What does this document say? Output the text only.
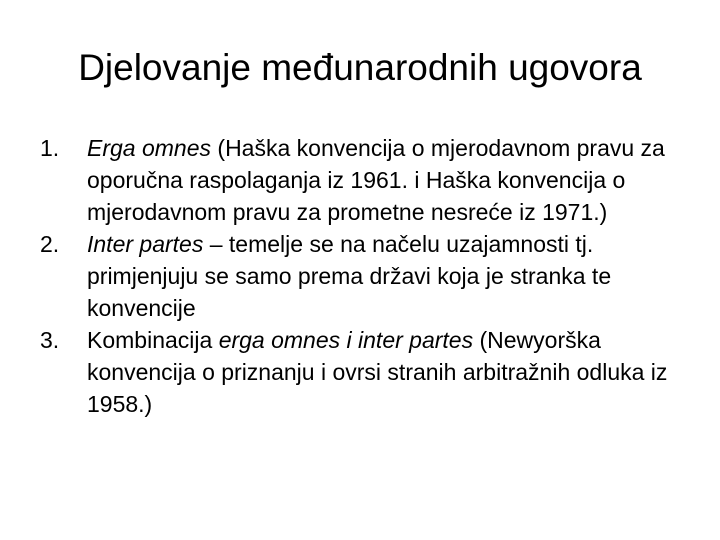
Djelovanje međunarodnih ugovora
1.	Erga omnes (Haška konvencija o mjerodavnom pravu za oporučna raspolaganja iz 1961. i Haška konvencija o mjerodavnom pravu za prometne nesreće iz 1971.)
2.	Inter partes – temelje se na načelu uzajamnosti tj. primjenjuju se samo prema državi koja je stranka te konvencije
3.	Kombinacija erga omnes i inter partes (Newyorška konvencija o priznanju i ovrsi stranih arbitražnih odluka iz 1958.)
